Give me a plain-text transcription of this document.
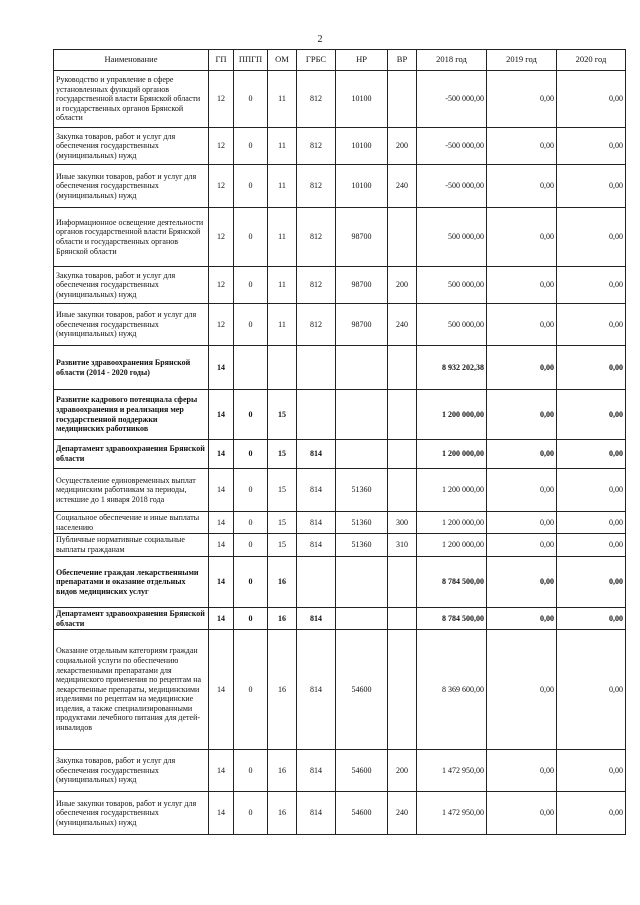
2
Наименование	ГП	ППГП	ОМ	ГРБС	НР	ВР	2018 год	2019 год	2020 год
Руководство и управление в сфере установленных функций органов государственной власти Брянской области и государственных органов Брянской области	12	0	11	812	10100		-500 000,00	0,00	0,00
Закупка товаров, работ и услуг для обеспечения государственных (муниципальных) нужд	12	0	11	812	10100	200	-500 000,00	0,00	0,00
Иные закупки товаров, работ и услуг для обеспечения государственных (муниципальных) нужд	12	0	11	812	10100	240	-500 000,00	0,00	0,00
Информационное освещение деятельности органов государственной власти Брянской области и государственных органов Брянской области	12	0	11	812	98700		500 000,00	0,00	0,00
Закупка товаров, работ и услуг для обеспечения государственных (муниципальных) нужд	12	0	11	812	98700	200	500 000,00	0,00	0,00
Иные закупки товаров, работ и услуг для обеспечения государственных (муниципальных) нужд	12	0	11	812	98700	240	500 000,00	0,00	0,00
Развитие здравоохранения Брянской области (2014 - 2020 годы)	14						8 932 202,38	0,00	0,00
Развитие кадрового потенциала сферы здравоохранения и реализация мер государственной поддержки медицинских работников	14	0	15				1 200 000,00	0,00	0,00
Департамент здравоохранения Брянской области	14	0	15	814			1 200 000,00	0,00	0,00
Осуществление единовременных выплат медицинским работникам за периоды, истекшие до 1 января 2018 года	14	0	15	814	51360		1 200 000,00	0,00	0,00
Социальное обеспечение и иные выплаты населению	14	0	15	814	51360	300	1 200 000,00	0,00	0,00
Публичные нормативные социальные выплаты гражданам	14	0	15	814	51360	310	1 200 000,00	0,00	0,00
Обеспечение граждан лекарственными препаратами и оказание отдельных видов медицинских услуг	14	0	16				8 784 500,00	0,00	0,00
Департамент здравоохранения Брянской области	14	0	16	814			8 784 500,00	0,00	0,00
Оказание отдельным категориям граждан социальной услуги по обеспечению лекарственными препаратами для медицинского применения по рецептам на лекарственные препараты, медицинскими изделиями по рецептам на медицинские изделия, а также специализированными продуктами лечебного питания для детей-инвалидов	14	0	16	814	54600		8 369 600,00	0,00	0,00
Закупка товаров, работ и услуг для обеспечения государственных (муниципальных) нужд	14	0	16	814	54600	200	1 472 950,00	0,00	0,00
Иные закупки товаров, работ и услуг для обеспечения государственных (муниципальных) нужд	14	0	16	814	54600	240	1 472 950,00	0,00	0,00
